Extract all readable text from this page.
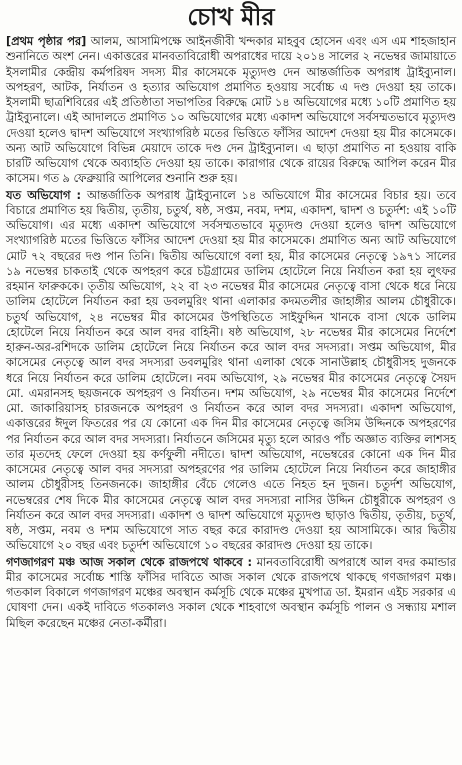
চোখ মীর
[প্রথম পৃষ্ঠার পর] আলম, আসামিপক্ষে আইনজীবী খন্দকার মাহবুব হোসেন এবং এস এম শাহজাহান শুনানিতে অংশ নেন। একাত্তরের মানবতাবিরোধী অপরাধের দায়ে ২০১৪ সালের ২ নভেম্বর জামায়াতে ইসলামীর কেন্দ্রীয় কর্মপরিষদ সদস্য মীর কাসেমকে মৃত্যুদণ্ড দেন আন্তর্জাতিক অপরাধ ট্রাইব্যুনাল। অপহরণ, আটক, নির্যাতন ও হত্যার অভিযোগ প্রমাণিত হওয়ায় সর্বোচ্চ এ দণ্ড দেওয়া হয় তাকে। ইসলামী ছাত্রশিবিরের এই প্রতিষ্ঠাতা সভাপতির বিরুদ্ধে মোট ১৪ অভিযোগের মধ্যে ১০টি প্রমাণিত হয় ট্রাইব্যুনালে। এই আদালতে প্রমাণিত ১০ অভিযোগের মধ্যে একাদশ অভিযোগে সর্বসম্মতভাবে মৃত্যুদণ্ড দেওয়া হলেও দ্বাদশ অভিযোগে সংখ্যাগরিষ্ঠ মতের ভিত্তিতে ফাঁসির আদেশ দেওয়া হয় মীর কাসেমকে। অন্য আট অভিযোগে বিভিন্ন মেয়াদে তাকে দণ্ড দেন ট্রাইব্যুনাল। এ ছাড়া প্রমাণিত না হওয়ায় বাকি চারটি অভিযোগ থেকে অব্যাহতি দেওয়া হয় তাকে। কারাগার থেকে রায়ের বিরুদ্ধে আপিল করেন মীর কাসেম। গত ৯ ফেব্রুয়ারি আপিলের শুনানি শুরু হয়।
যত অভিযোগ : আন্তর্জাতিক অপরাধ ট্রাইব্যুনালে ১৪ অভিযোগে মীর কাসেমের বিচার হয়। তবে বিচারে প্রমাণিত হয় দ্বিতীয়, তৃতীয়, চতুর্থ, ষষ্ঠ, সপ্তম, নবম, দশম, একাদশ, দ্বাদশ ও চতুর্দশ: এই ১০টি অভিযোগ। এর মধ্যে একাদশ অভিযোগে সর্বসম্মতভাবে মৃত্যুদণ্ড দেওয়া হলেও দ্বাদশ অভিযোগে সংখ্যাগরিষ্ঠ মতের ভিত্তিতে ফাঁসির আদেশ দেওয়া হয় মীর কাসেমকে। প্রমাণিত অন্য আট অভিযোগে মোট ৭২ বছরের দণ্ড পান তিনি। দ্বিতীয় অভিযোগে বলা হয়, মীর কাসেমের নেতৃত্বে ১৯৭১ সালের ১৯ নভেম্বর চাকতাই থেকে অপহরণ করে চট্টগ্রামের ডালিম হোটেলে নিয়ে নির্যাতন করা হয় লুৎফর রহমান ফারুককে। তৃতীয় অভিযোগ, ২২ বা ২৩ নভেম্বর মীর কাসেমের নেতৃত্বে বাসা থেকে ধরে নিয়ে ডালিম হোটেলে নির্যাতন করা হয় ডবলমুরিং থানা এলাকার কদমতলীর জাহাঙ্গীর আলম চৌধুরীকে। চতুর্থ অভিযোগ, ২৪ নভেম্বর মীর কাসেমের উপস্থিতিতে সাইফুদ্দিন খানকে বাসা থেকে ডালিম হোটেলে নিয়ে নির্যাতন করে আল বদর বাহিনী। ষষ্ঠ অভিযোগ, ২৮ নভেম্বর মীর কাসেমের নির্দেশে হারুন-অর-রশিদকে ডালিম হোটেলে নিয়ে নির্যাতন করে আল বদর সদস্যরা। সপ্তম অভিযোগ, মীর কাসেমের নেতৃত্বে আল বদর সদস্যরা ডবলমুরিং থানা এলাকা থেকে সানাউল্লাহ চৌধুরীসহ দুজনকে ধরে নিয়ে নির্যাতন করে ডালিম হোটেলে। নবম অভিযোগ, ২৯ নভেম্বর মীর কাসেমের নেতৃত্বে সৈয়দ মো. এমরানসহ ছয়জনকে অপহরণ ও নির্যাতন। দশম অভিযোগ, ২৯ নভেম্বর মীর কাসেমের নির্দেশে মো. জাকারিয়াসহ চারজনকে অপহরণ ও নির্যাতন করে আল বদর সদস্যরা। একাদশ অভিযোগ, একাত্তরের ঈদুল ফিতরের পর যে কোনো এক দিন মীর কাসেমের নেতৃত্বে জসিম উদ্দিনকে অপহরণের পর নির্যাতন করে আল বদর সদস্যরা। নির্যাতনে জসিমের মৃত্যু হলে আরও পাঁচ অজ্ঞাত ব্যক্তির লাশসহ তার মৃতদেহ ফেলে দেওয়া হয় কর্ণফুলী নদীতে। দ্বাদশ অভিযোগ, নভেম্বরের কোনো এক দিন মীর কাসেমের নেতৃত্বে আল বদর সদস্যরা অপহরণের পর ডালিম হোটেলে নিয়ে নির্যাতন করে জাহাঙ্গীর আলম চৌধুরীসহ তিনজনকে। জাহাঙ্গীর বেঁচে গেলেও এতে নিহত হন দুজন। চতুর্দশ অভিযোগ, নভেম্বরের শেষ দিকে মীর কাসেমের নেতৃত্বে আল বদর সদস্যরা নাসির উদ্দিন চৌধুরীকে অপহরণ ও নির্যাতন করে আল বদর সদস্যরা। একাদশ ও দ্বাদশ অভিযোগে মৃত্যুদণ্ড ছাড়াও দ্বিতীয়, তৃতীয়, চতুর্থ, ষষ্ঠ, সপ্তম, নবম ও দশম অভিযোগে সাত বছর করে কারাদণ্ড দেওয়া হয় আসামিকে। আর দ্বিতীয় অভিযোগে ২০ বছর এবং চতুর্দশ অভিযোগে ১০ বছরের কারাদণ্ড দেওয়া হয় তাকে।
গণজাগরণ মঞ্চ আজ সকাল থেকে রাজপথে থাকবে : মানবতাবিরোধী অপরাধে আল বদর কমান্ডার মীর কাসেমের সর্বোচ্চ শাস্তি ফাঁসির দাবিতে আজ সকাল থেকে রাজপথে থাকছে গণজাগরণ মঞ্চ। গতকাল বিকালে গণজাগরণ মঞ্চের অবস্থান কর্মসূচি থেকে মঞ্চের মুখপাত্র ডা. ইমরান এইচ সরকার এ ঘোষণা দেন। একই দাবিতে গতকালও সকাল থেকে শাহবাগে অবস্থান কর্মসূচি পালন ও সন্ধ্যায় মশাল মিছিল করেছেন মঞ্চের নেতা-কর্মীরা।
